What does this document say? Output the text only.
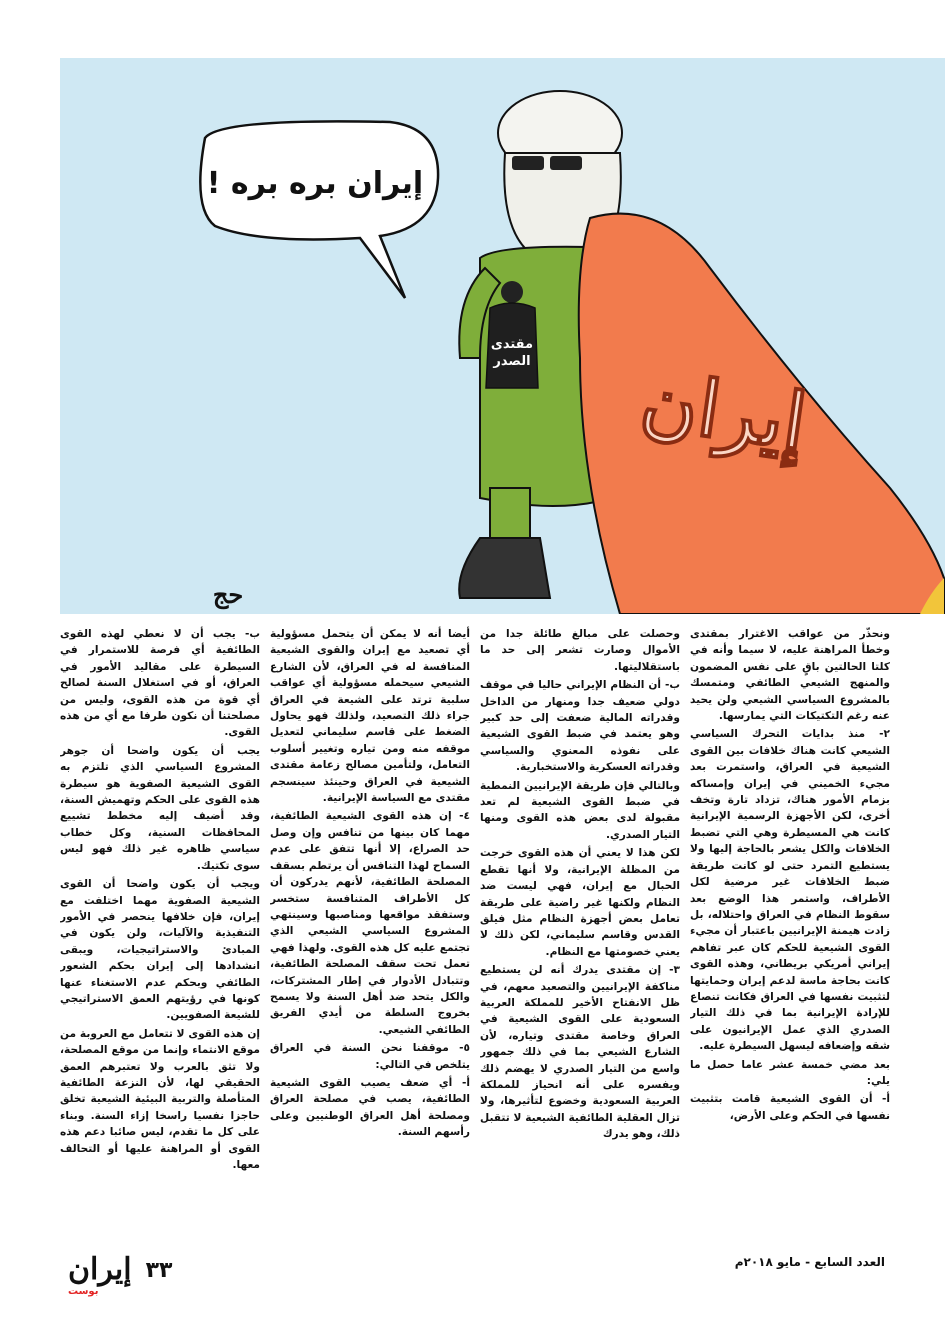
إيران بره بره !
مقتدى
الصدر إيران
حج

ونحذّر من عواقب الاغترار بمقتدى وخطأ المراهنة عليه، لا سيما وأنه في كلتا الحالتين باقٍ على نفس المضمون والمنهج الشيعي الطائفي ومتمسك بالمشروع السياسي الشيعي ولن يحيد عنه رغم التكتيكات التي يمارسها.

٢- منذ بدايات التحرك السياسي الشيعي كانت هناك خلافات بين القوى الشيعية في العراق، واستمرت بعد مجيء الخميني في إيران وإمساكه بزمام الأمور هناك، تزداد تارة وتخف أخرى، لكن الأجهزة الرسمية الإيرانية كانت هي المسيطرة وهي التي تضبط الخلافات والكل يشعر بالحاجة إليها ولا يستطيع التمرد حتى لو كانت طريقة ضبط الخلافات غير مرضية لكل الأطراف، واستمر هذا الوضع بعد سقوط النظام في العراق واحتلاله، بل زادت هيمنة الإيرانيين باعتبار أن مجيء القوى الشيعية للحكم كان عبر تفاهم إيراني أمريكي بريطاني، وهذه القوى كانت بحاجة ماسة لدعم إيران وحمايتها لتثبيت نفسها في العراق فكانت تنصاع للإرادة الإيرانية بما في ذلك التيار الصدري الذي عمل الإيرانيون على شقه وإضعافه ليسهل السيطرة عليه.

بعد مضي خمسة عشر عاما حصل ما يلي:

أ- أن القوى الشيعية قامت بتثبيت نفسها في الحكم وعلى الأرض،

وحصلت على مبالغ طائلة جدا من الأموال وصارت تشعر إلى حد ما باستقلاليتها.

ب- أن النظام الإيراني حاليا في موقف دولي ضعيف جدا ومنهار من الداخل وقدراته المالية ضعفت إلى حد كبير وهو يعتمد في ضبط القوى الشيعية على نفوذه المعنوي والسياسي وقدراته العسكرية والاستخبارية.

وبالتالي فإن طريقة الإيرانيين النمطية في ضبط القوى الشيعية لم تعد مقبولة لدى بعض هذه القوى ومنها التيار الصدري.

لكن هذا لا يعني أن هذه القوى خرجت من المظلة الإيرانية، ولا أنها تقطع الحبال مع إيران، فهي ليست ضد النظام ولكنها غير راضية على طريقة تعامل بعض أجهزة النظام مثل فيلق القدس وقاسم سليماني، لكن ذلك لا يعني خصومتها مع النظام.

٣- إن مقتدى يدرك أنه لن يستطيع مناكفة الإيرانيين والتصعيد معهم، في ظل الانفتاح الأخير للمملكة العربية السعودية على القوى الشيعية في العراق وخاصة مقتدى وتياره، لأن الشارع الشيعي بما في ذلك جمهور واسع من التيار الصدري لا يهضم ذلك ويفسره على أنه انحياز للمملكة العربية السعودية وخضوع لتأثيرها، ولا تزال العقلية الطائفية الشيعية لا تتقبل ذلك، وهو يدرك

أيضا أنه لا يمكن أن يتحمل مسؤولية أي تصعيد مع إيران والقوى الشيعية المنافسة له في العراق، لأن الشارع الشيعي سيحمله مسؤولية أي عواقب سلبية ترتد على الشيعة في العراق جراء ذلك التصعيد، ولذلك فهو يحاول الضغط على قاسم سليماني لتعديل موقفه منه ومن تياره وتغيير أسلوب التعامل، ولتأمين مصالح زعامة مقتدى الشيعية في العراق وحينئذ سينسجم مقتدى مع السياسة الإيرانية.

٤- إن هذه القوى الشيعية الطائفية، مهما كان بينها من تنافس وإن وصل حد الصراع، إلا أنها تتفق على عدم السماح لهذا التنافس أن يرتطم بسقف المصلحة الطائفية، لأنهم يدركون أن كل الأطراف المتنافسة ستخسر وستفقد مواقعها ومناصبها وسينتهي المشروع السياسي الشيعي الذي تجتمع عليه كل هذه القوى. ولهذا فهي تعمل تحت سقف المصلحة الطائفية، وتتبادل الأدوار في إطار المشتركات، والكل يتحد ضد أهل السنة ولا يسمح بخروج السلطة من أيدي الفريق الطائفي الشيعي.

٥- موقفنا نحن السنة في العراق يتلخص في التالي:

أ- أي ضعف يصيب القوى الشيعية الطائفية، يصب في مصلحة العراق ومصلحة أهل العراق الوطنيين وعلى رأسهم السنة.

ب- يجب أن لا نعطي لهذه القوى الطائفية أي فرصة للاستمرار في السيطرة على مقاليد الأمور في العراق، أو في استغلال السنة لصالح أي قوة من هذه القوى، وليس من مصلحتنا أن نكون طرفا مع أي من هذه القوى.

يجب أن يكون واضحا أن جوهر المشروع السياسي الذي تلتزم به القوى الشيعية الصفوية هو سيطرة هذه القوى على الحكم وتهميش السنة، وقد أضيف إليه مخطط تشييع المحافظات السنية، وكل خطاب سياسي ظاهره غير ذلك فهو ليس سوى تكتيك.

ويجب أن يكون واضحا أن القوى الشيعية الصفوية مهما اختلفت مع إيران، فإن خلافها ينحصر في الأمور التنفيذية والآليات، ولن يكون في المبادئ والاستراتيجيات، ويبقى انشدادها إلى إيران بحكم الشعور الطائفي وبحكم عدم الاستغناء عنها كونها في رؤيتهم العمق الاستراتيجي للشيعة الصفويين.

إن هذه القوى لا تتعامل مع العروبة من موقع الانتماء وإنما من موقع المصلحة، ولا تثق بالعرب ولا تعتبرهم العمق الحقيقي لها، لأن النزعة الطائفية المتأصلة والتربية البيئية الشيعية تخلق حاجزا نفسيا راسخا إزاء السنة. وبناء على كل ما تقدم، ليس صائبا دعم هذه القوى أو المراهنة عليها أو التحالف معها.

إيران
بوست
٣٣	العدد السابع - مايو ٢٠١٨م
